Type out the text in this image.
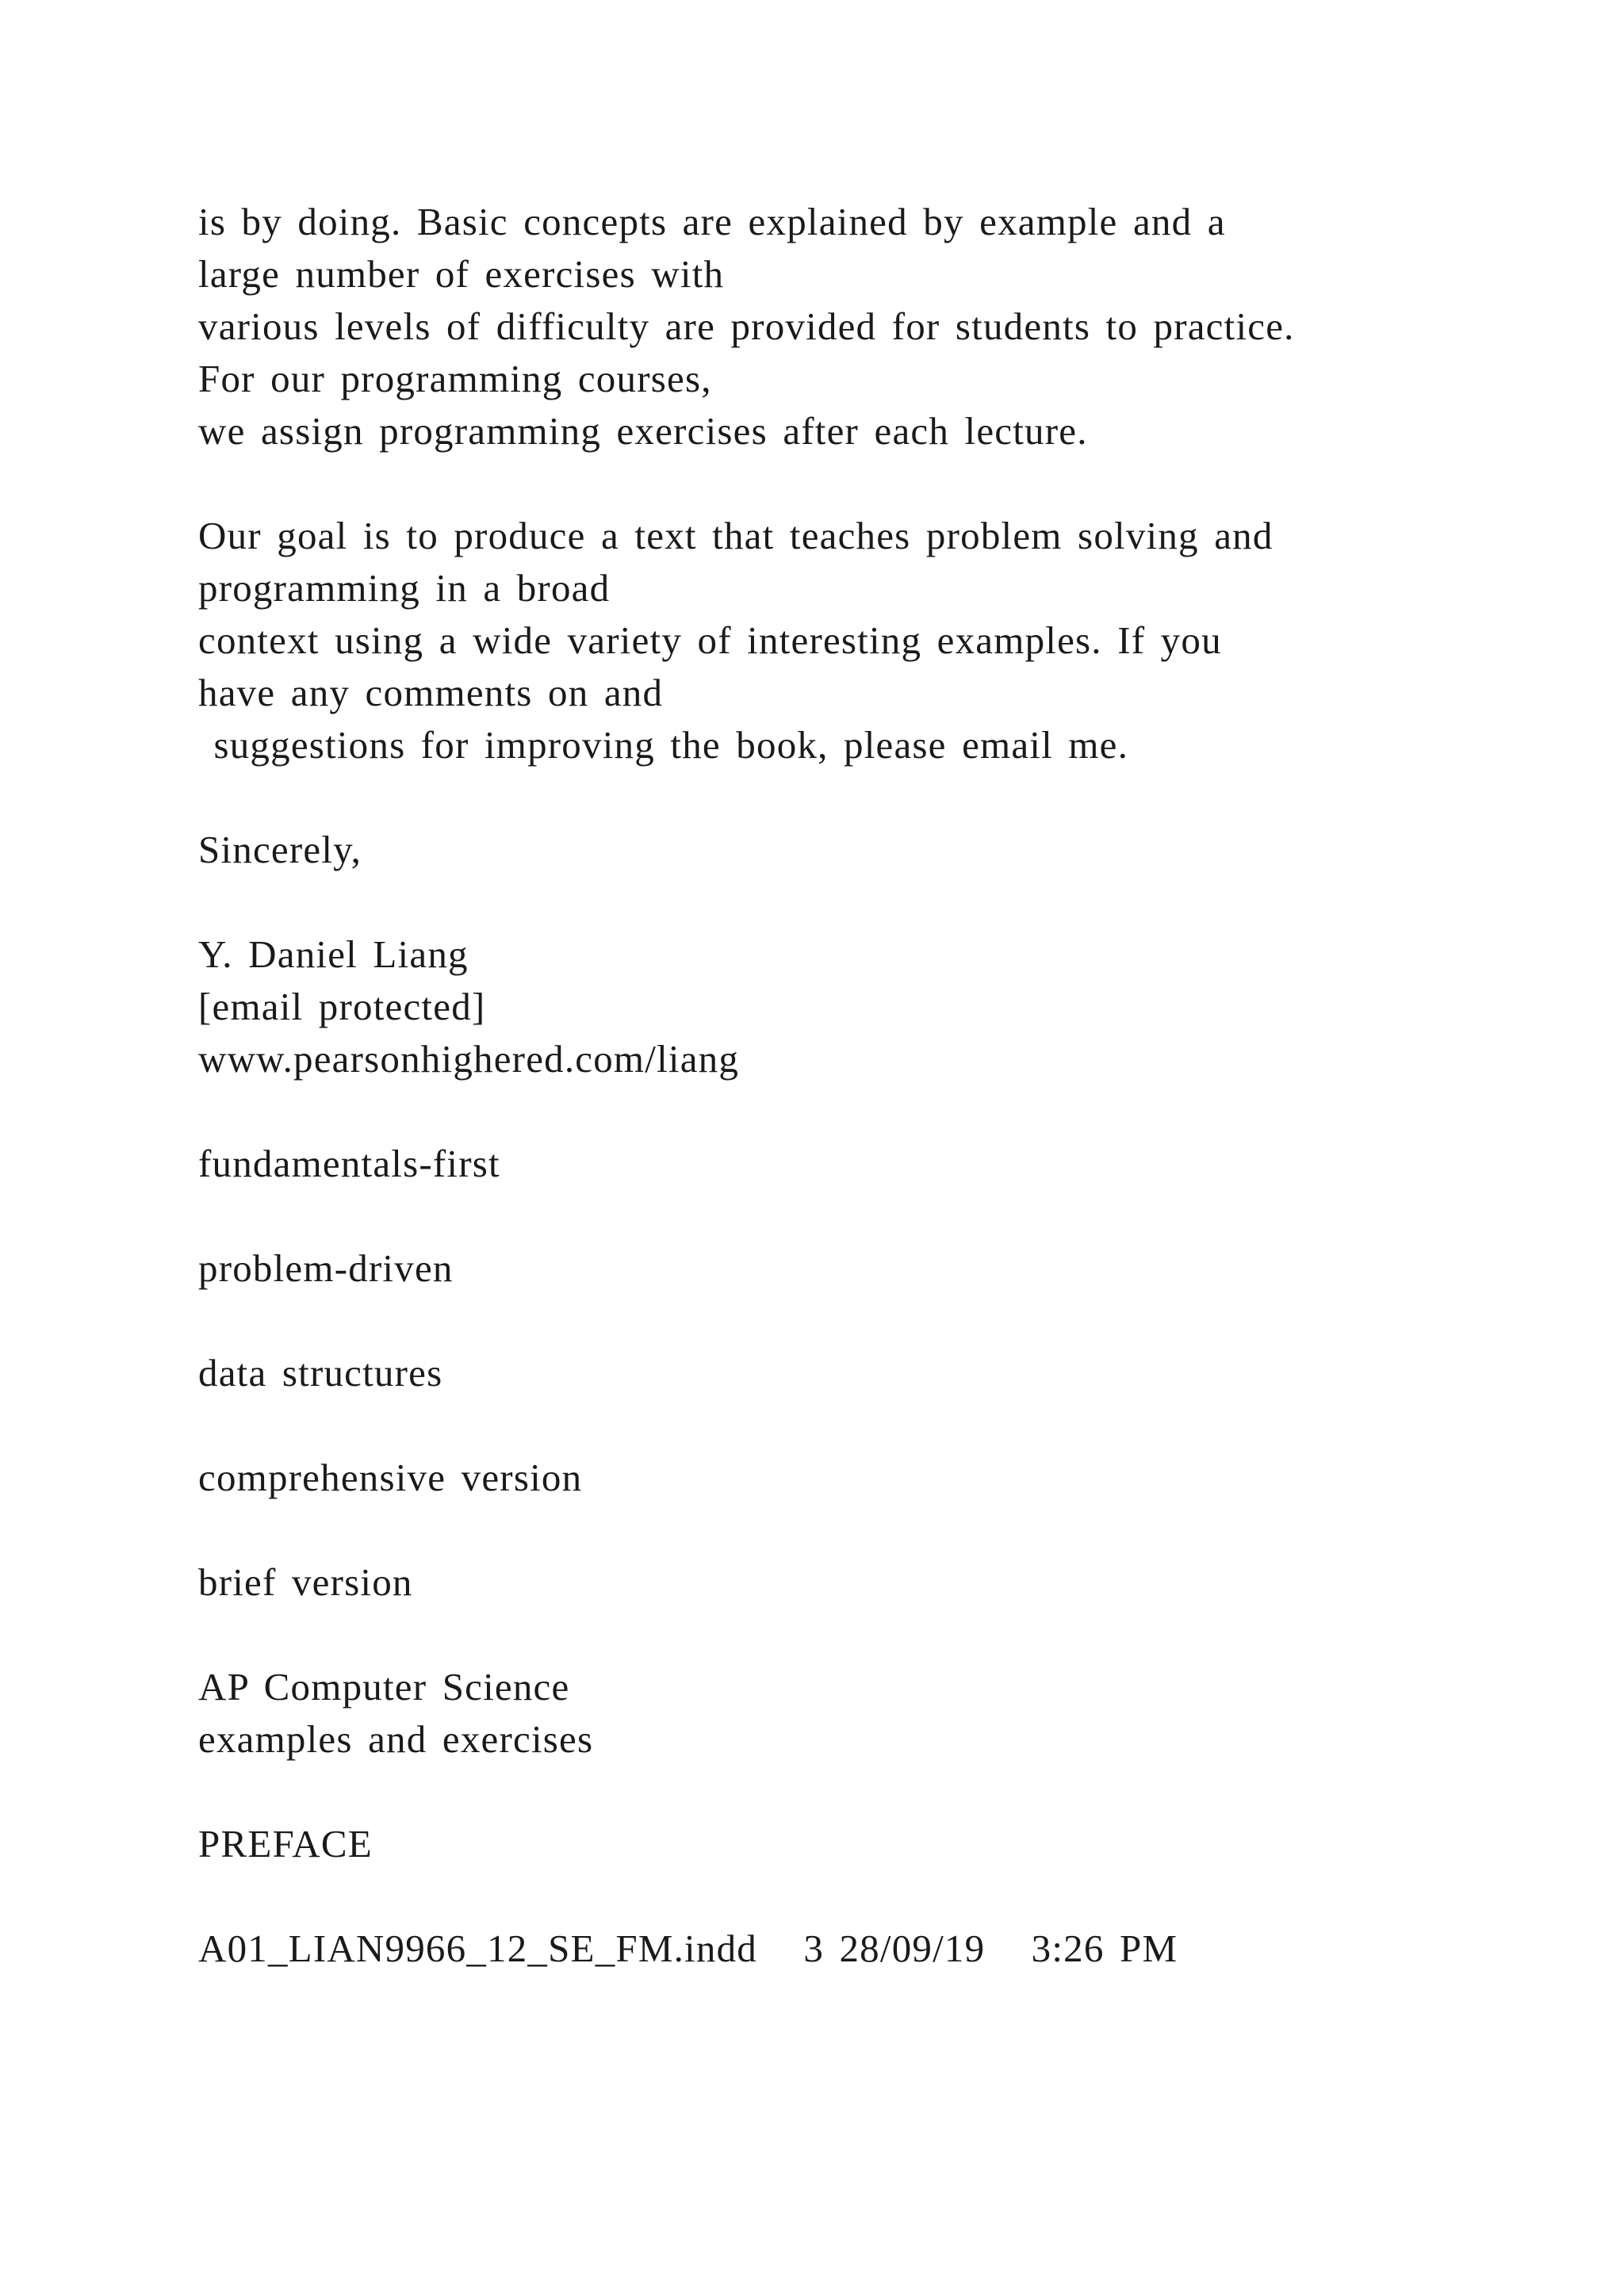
is by doing. Basic concepts are explained by example and a
large number of exercises with
various levels of difficulty are provided for students to practice.
For our programming courses,
we assign programming exercises after each lecture.
Our goal is to produce a text that teaches problem solving and
programming in a broad
context using a wide variety of interesting examples. If you
have any comments on and
suggestions for improving the book, please email me.
Sincerely,
Y. Daniel Liang
[email protected]
www.pearsonhighered.com/liang
fundamentals-first
problem-driven
data structures
comprehensive version
brief version
AP Computer Science
examples and exercises
PREFACE
A01_LIAN9966_12_SE_FM.indd   3 28/09/19   3:26 PM
